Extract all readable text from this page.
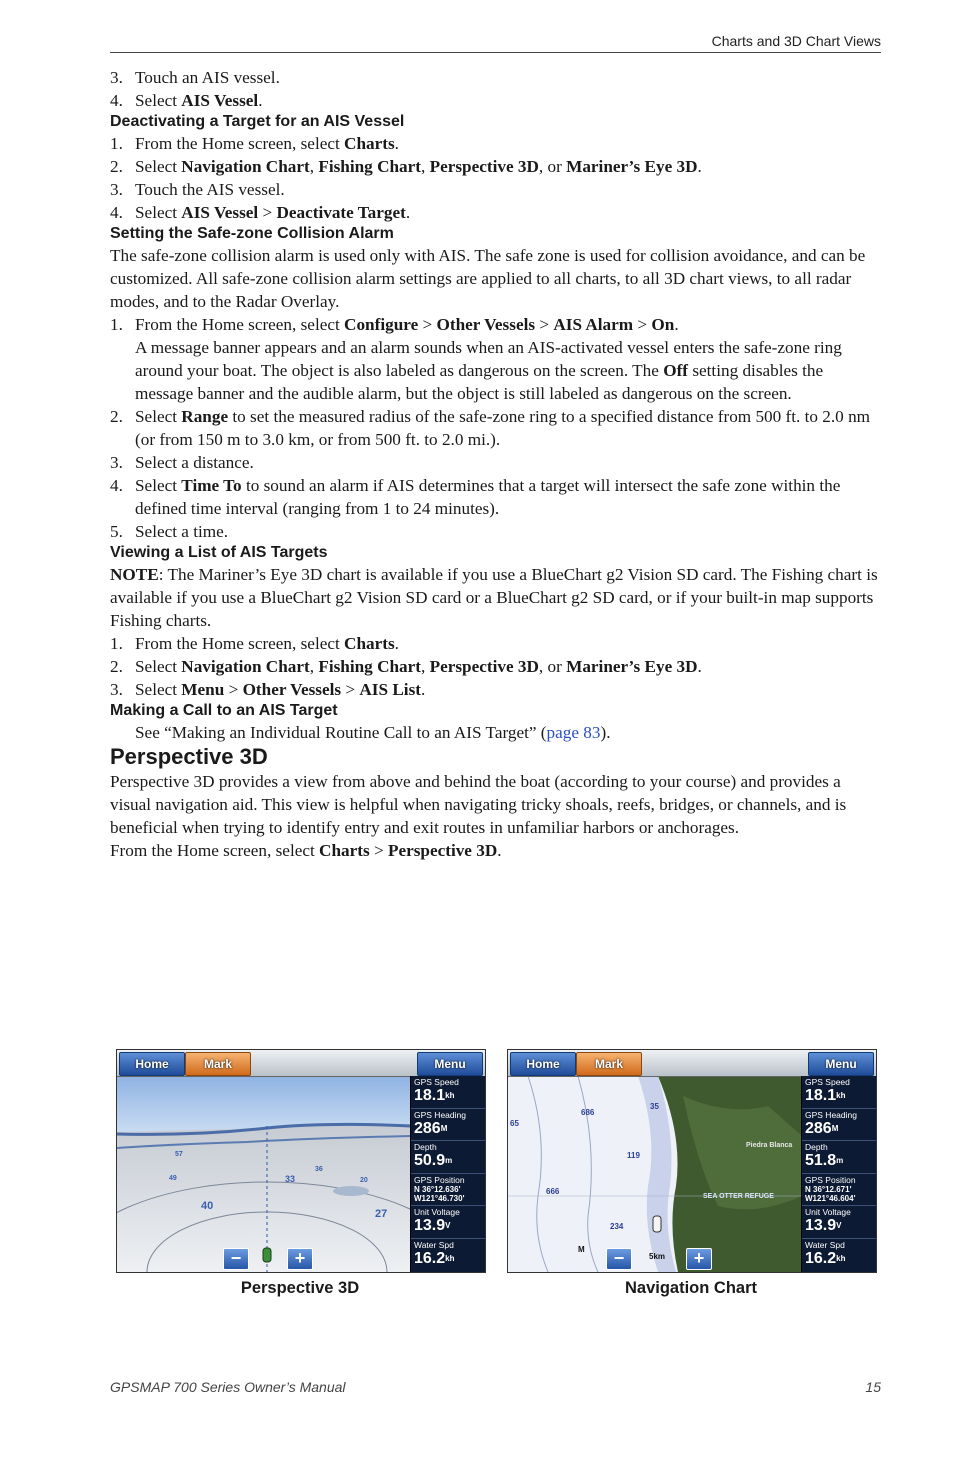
Charts and 3D Chart Views

3. Touch an AIS vessel.

4. Select AIS Vessel.

Deactivating a Target for an AIS Vessel

1. From the Home screen, select Charts.

2. Select Navigation Chart, Fishing Chart, Perspective 3D, or Mariner’s Eye 3D.

3. Touch the AIS vessel.

4. Select AIS Vessel > Deactivate Target.

Setting the Safe-zone Collision Alarm

The safe-zone collision alarm is used only with AIS. The safe zone is used for collision avoidance, and can be customized. All safe-zone collision alarm settings are applied to all charts, to all 3D chart views, to all radar modes, and to the Radar Overlay.

1. From the Home screen, select Configure > Other Vessels > AIS Alarm > On.

A message banner appears and an alarm sounds when an AIS-activated vessel enters the safe-zone ring around your boat. The object is also labeled as dangerous on the screen. The Off setting disables the message banner and the audible alarm, but the object is still labeled as dangerous on the screen.

2. Select Range to set the measured radius of the safe-zone ring to a specified distance from 500 ft. to 2.0 nm (or from 150 m to 3.0 km, or from 500 ft. to 2.0 mi.).

3. Select a distance.

4. Select Time To to sound an alarm if AIS determines that a target will intersect the safe zone within the defined time interval (ranging from 1 to 24 minutes).

5. Select a time.

Viewing a List of AIS Targets

NOTE: The Mariner’s Eye 3D chart is available if you use a BlueChart g2 Vision SD card. The Fishing chart is available if you use a BlueChart g2 Vision SD card or a BlueChart g2 SD card, or if your built-in map supports Fishing charts.

1. From the Home screen, select Charts.

2. Select Navigation Chart, Fishing Chart, Perspective 3D, or Mariner’s Eye 3D.

3. Select Menu > Other Vessels > AIS List.

Making a Call to an AIS Target

See “Making an Individual Routine Call to an AIS Target” (page 83).

Perspective 3D

Perspective 3D provides a view from above and behind the boat (according to your course) and provides a visual navigation aid. This view is helpful when navigating tricky shoals, reefs, bridges, or channels, and is beneficial when trying to identify entry and exit routes in unfamiliar harbors or anchorages.

From the Home screen, select Charts > Perspective 3D.

40
27
33
49	20
57
36
Home	Mark	Menu
GPS Speed
$18.1^{kh}$
GPS Heading
$286^M$
Depth
50.9$^m$
GPS Position
N 36°12.636'
W121°46.730'
Unit Voltage
$13.9^V$
Water Spd
$16.2^{kh}$
−	+
686
35
65
119
666
234
M
SEA OTTER REFUGE
Piedra Blanca
5km
Home	Mark	Menu
GPS Speed
$18.1^{kh}$
GPS Heading
$286^M$
Depth
51.8$^m$
GPS Position
N 36°12.671'
W121°46.604'
Unit Voltage
$13.9^V$
Water Spd
$16.2^{kh}$
−	+
Perspective 3D	Navigation Chart
GPSMAP 700 Series Owner’s Manual	15
